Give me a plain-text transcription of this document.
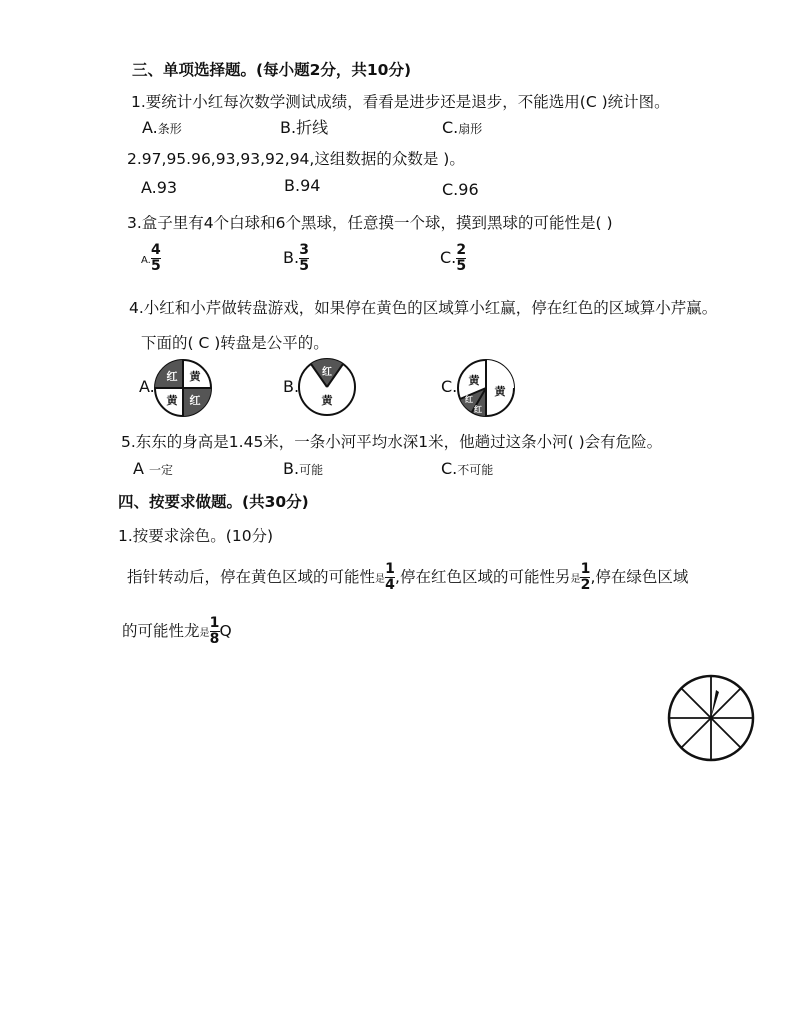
三、单项选择题。(每小题2分，共10分)
1.要统计小红每次数学测试成绩，看看是进步还是退步，不能选用(C )统计图。
A.条形	B.折线	C.扇形
2.97,95.96,93,93,92,94,这组数据的众数是 )。
A.93	B.94	C.96
3.盒子里有4个白球和6个黑球，任意摸一个球，摸到黑球的可能性是( )
A. $\frac{4}{5}$	B. $\frac{3}{5}$	C. $\frac{2}{5}$
4.小红和小芹做转盘游戏，如果停在黄色的区域算小红赢，停在红色的区域算小芹赢。
下面的( C )转盘是公平的。
A.
红 黄
黄 红
B.
红
黄
C. 黄
黄
红
红
5.东东的身高是1.45米，一条小河平均水深1米，他趟过这条小河( )会有危险。
A 一定	B.可能	C.不可能
四、按要求做题。(共30分)
1.按要求涂色。(10分)
指针转动后，停在黄色区域的可能性是 $\frac{1}{4}$ ,停在红色区域的可能性另是 $\frac{1}{2}$ ,停在绿色区域
的可能性龙是 $\frac{1}{8}$ Q
